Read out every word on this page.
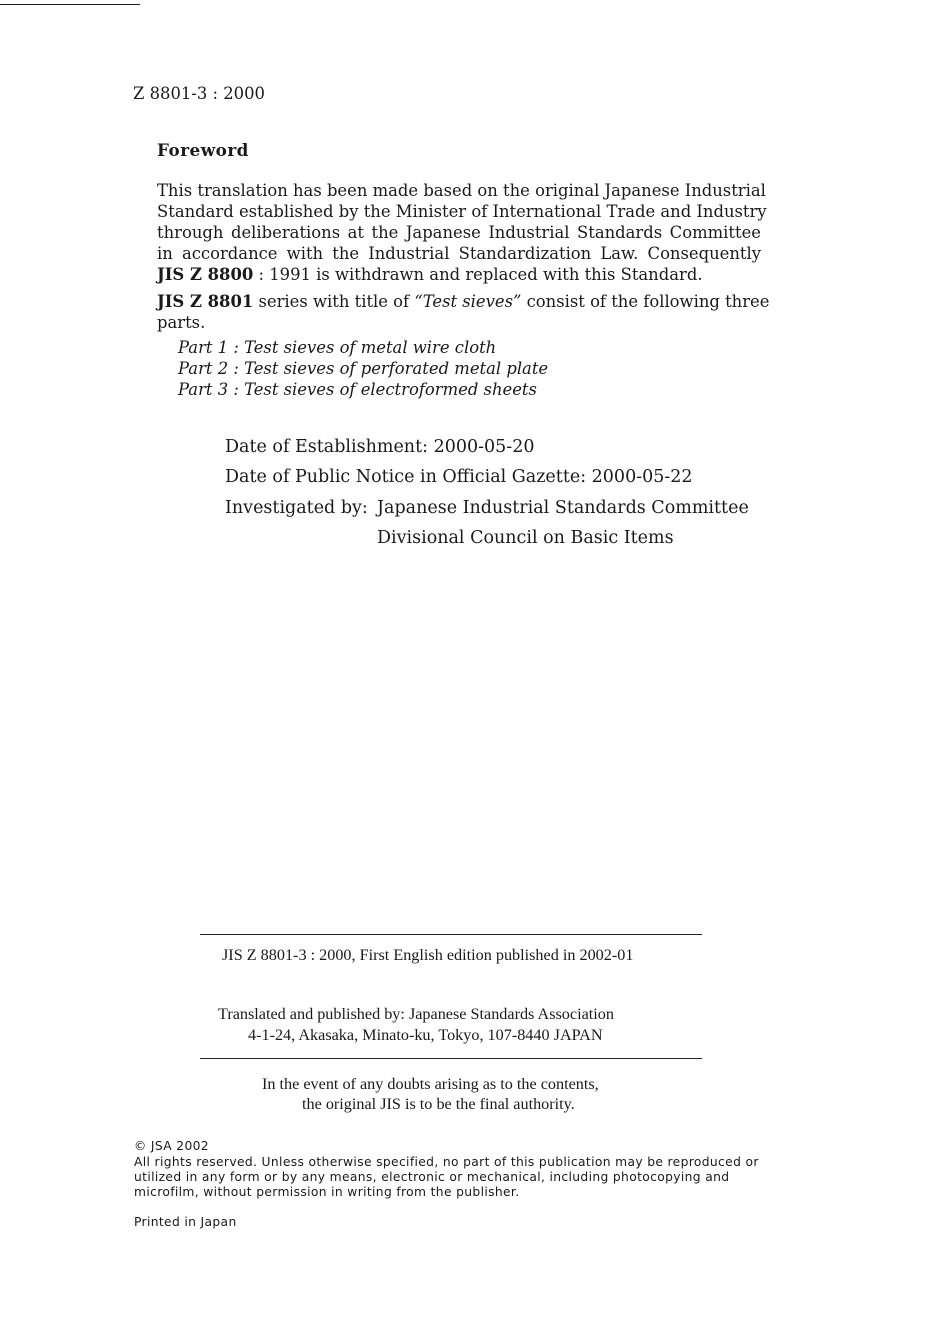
Z 8801-3 : 2000
Foreword
This translation has been made based on the original Japanese Industrial
Standard established by the Minister of International Trade and Industry
through deliberations at the Japanese Industrial Standards Committee
in accordance with the Industrial Standardization Law. Consequently
JIS Z 8800 : 1991 is withdrawn and replaced with this Standard.
JIS Z 8801 series with title of “Test sieves” consist of the following three
parts.
Part 1 : Test sieves of metal wire cloth
Part 2 : Test sieves of perforated metal plate
Part 3 : Test sieves of electroformed sheets
Date of Establishment: 2000-05-20
Date of Public Notice in Official Gazette: 2000-05-22
Investigated by: Japanese Industrial Standards Committee
Divisional Council on Basic Items
JIS Z 8801-3 : 2000, First English edition published in 2002-01
Translated and published by: Japanese Standards Association
4-1-24, Akasaka, Minato-ku, Tokyo, 107-8440 JAPAN
In the event of any doubts arising as to the contents,
the original JIS is to be the final authority.
© JSA 2002
All rights reserved. Unless otherwise specified, no part of this publication may be reproduced or
utilized in any form or by any means, electronic or mechanical, including photocopying and
microfilm, without permission in writing from the publisher.
Printed in Japan
